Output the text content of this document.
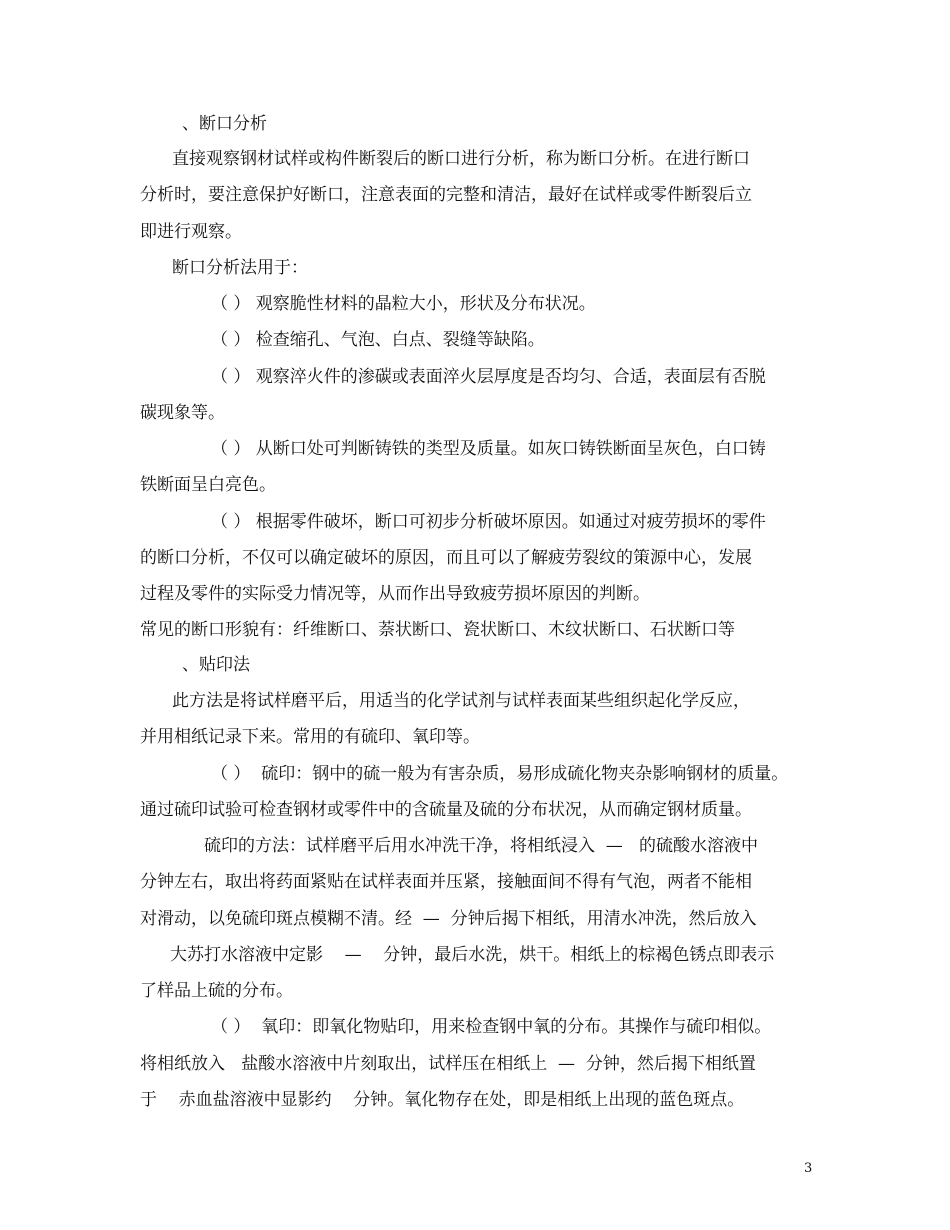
、断口分析

直接观察钢材试样或构件断裂后的断口进行分析，称为断口分析。在进行断口

分析时，要注意保护好断口，注意表面的完整和清洁，最好在试样或零件断裂后立

即进行观察。

断口分析法用于：

（ ） 观察脆性材料的晶粒大小，形状及分布状况。

（ ） 检查缩孔、气泡、白点、裂缝等缺陷。

（ ） 观察淬火件的渗碳或表面淬火层厚度是否均匀、合适，表面层有否脱

碳现象等。

（ ） 从断口处可判断铸铁的类型及质量。如灰口铸铁断面呈灰色，白口铸

铁断面呈白亮色。

（ ） 根据零件破坏，断口可初步分析破坏原因。如通过对疲劳损坏的零件

的断口分析，不仅可以确定破坏的原因，而且可以了解疲劳裂纹的策源中心，发展

过程及零件的实际受力情况等，从而作出导致疲劳损坏原因的判断。

常见的断口形貌有：纤维断口、萘状断口、瓷状断口、木纹状断口、石状断口等

、贴印法

此方法是将试样磨平后，用适当的化学试剂与试样表面某些组织起化学反应，

并用相纸记录下来。常用的有硫印、氧印等。

（ ）  硫印：钢中的硫一般为有害杂质，易形成硫化物夹杂影响钢材的质量。

通过硫印试验可检查钢材或零件中的含硫量及硫的分布状况，从而确定钢材质量。

硫印的方法：试样磨平后用水冲洗干净，将相纸浸入  —   的硫酸水溶液中

分钟左右，取出将药面紧贴在试样表面并压紧，接触面间不得有气泡，两者不能相

对滑动，以免硫印斑点模糊不清。经  —  分钟后揭下相纸，用清水冲洗，然后放入

大苏打水溶液中定影    —    分钟，最后水洗，烘干。相纸上的棕褐色锈点即表示

了样品上硫的分布。

（ ）  氧印：即氧化物贴印，用来检查钢中氧的分布。其操作与硫印相似。

将相纸放入   盐酸水溶液中片刻取出，试样压在相纸上  —  分钟，然后揭下相纸置

于    赤血盐溶液中显影约    分钟。氧化物存在处，即是相纸上出现的蓝色斑点。

3
